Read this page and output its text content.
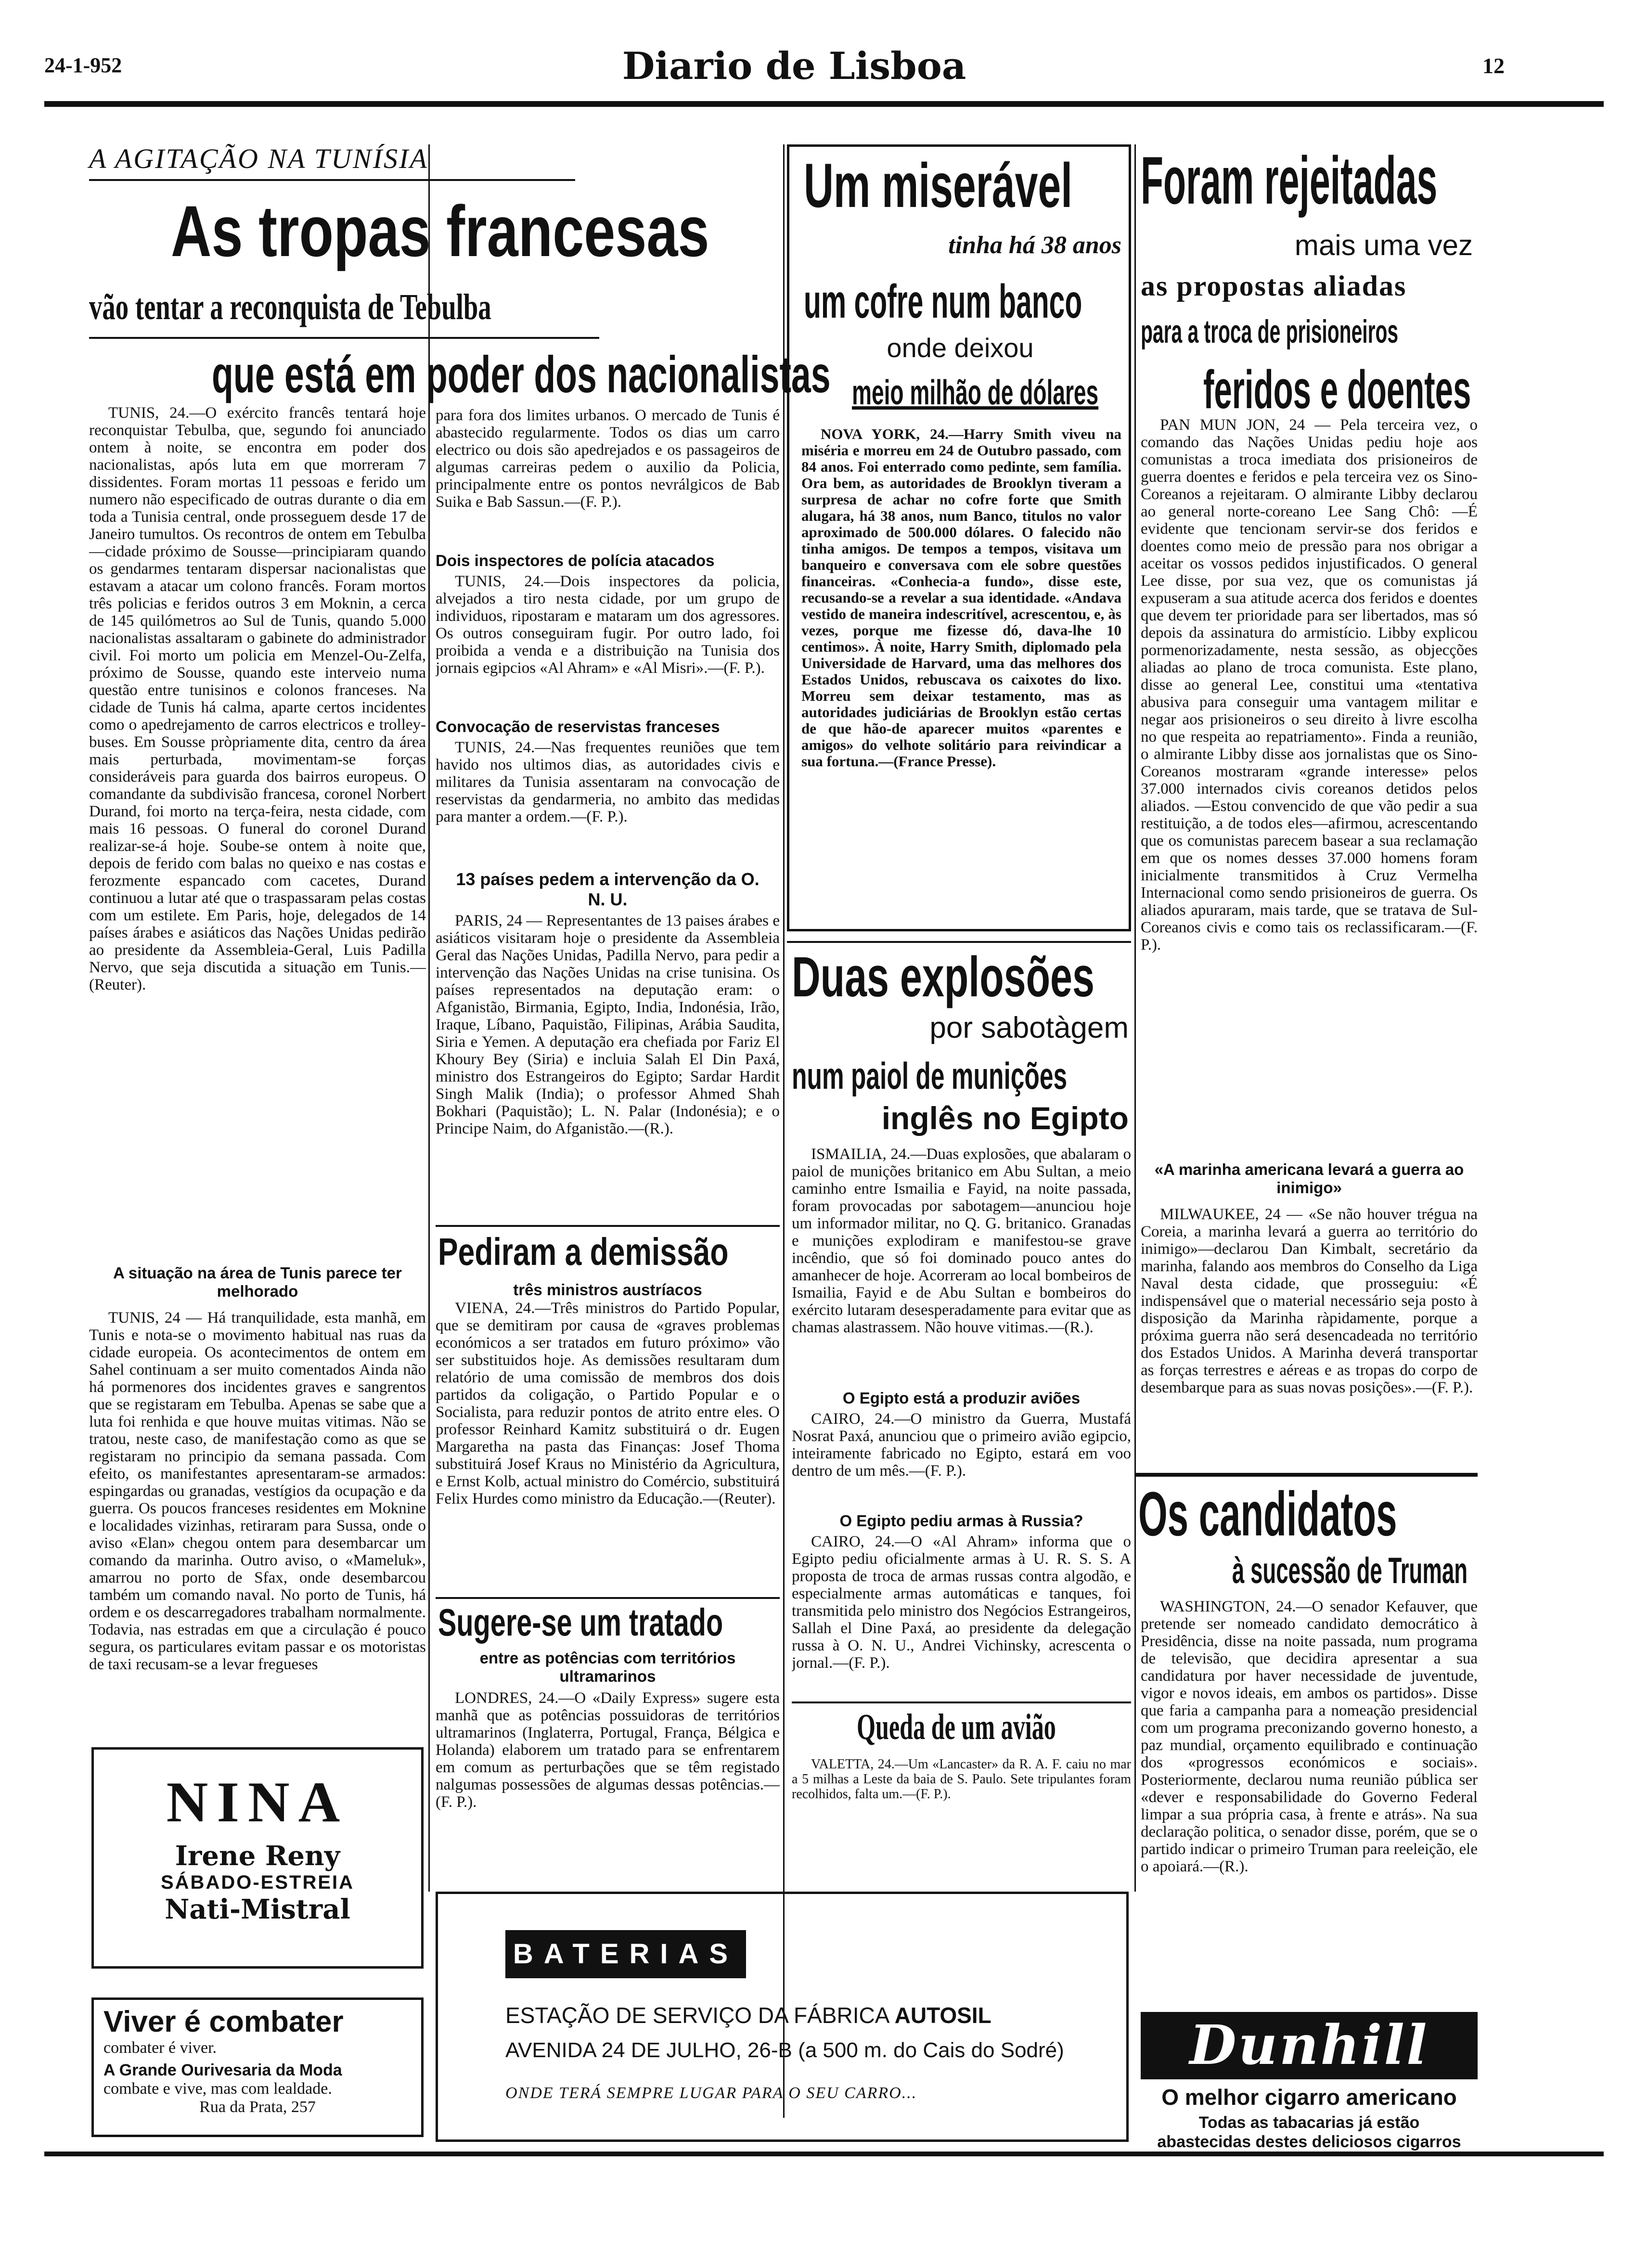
24-1-952	Diario de Lisboa	12
A AGITAÇÃO NA TUNÍSIA
As tropas francesas
vão tentar a reconquista de Tebulba
que está em poder dos nacionalistas

TUNIS, 24.—O exército francês tentará hoje reconquistar Tebulba, que, segundo foi anunciado ontem à noite, se encontra em poder dos nacionalistas, após luta em que morreram 7 dissidentes. Foram mortas 11 pessoas e ferido um numero não especificado de outras durante o dia em toda a Tunisia central, onde prosseguem desde 17 de Janeiro tumultos. Os recontros de ontem em Tebulba —cidade próximo de Sousse—principiaram quando os gendarmes tentaram dispersar nacionalistas que estavam a atacar um colono francês. Foram mortos três policias e feridos outros 3 em Moknin, a cerca de 145 quilómetros ao Sul de Tunis, quando 5.000 nacionalistas assaltaram o gabinete do administrador civil. Foi morto um policia em Menzel-Ou-Zelfa, próximo de Sousse, quando este interveio numa questão entre tunisinos e colonos franceses. Na cidade de Tunis há calma, aparte certos incidentes como o apedrejamento de carros electricos e trolley-buses. Em Sousse pròpriamente dita, centro da área mais perturbada, movimentam-se forças consideráveis para guarda dos bairros europeus. O comandante da subdivisão francesa, coronel Norbert Durand, foi morto na terça-feira, nesta cidade, com mais 16 pessoas. O funeral do coronel Durand realizar-se-á hoje. Soube-se ontem à noite que, depois de ferido com balas no queixo e nas costas e ferozmente espancado com cacetes, Durand continuou a lutar até que o traspassaram pelas costas com um estilete. Em Paris, hoje, delegados de 14 países árabes e asiáticos das Nações Unidas pedirão ao presidente da Assembleia-Geral, Luis Padilla Nervo, que seja discutida a situação em Tunis.—(Reuter).

A situação na área de Tunis parece ter melhorado

TUNIS, 24 — Há tranquilidade, esta manhã, em Tunis e nota-se o movimento habitual nas ruas da cidade europeia. Os acontecimentos de ontem em Sahel continuam a ser muito comentados Ainda não há pormenores dos incidentes graves e sangrentos que se registaram em Tebulba. Apenas se sabe que a luta foi renhida e que houve muitas vitimas. Não se tratou, neste caso, de manifestação como as que se registaram no principio da semana passada. Com efeito, os manifestantes apresentaram-se armados: espingardas ou granadas, vestígios da ocupação e da guerra. Os poucos franceses residentes em Moknine e localidades vizinhas, retiraram para Sussa, onde o aviso «Elan» chegou ontem para desembarcar um comando da marinha. Outro aviso, o «Mameluk», amarrou no porto de Sfax, onde desembarcou também um comando naval. No porto de Tunis, há ordem e os descarregadores trabalham normalmente. Todavia, nas estradas em que a circulação é pouco segura, os particulares evitam passar e os motoristas de taxi recusam-se a levar fregueses

NINA
Irene Reny
SÁBADO-ESTREIA
Nati-Mistral
Viver é combater
combater é viver.
A Grande Ourivesaria da Moda
combate e vive, mas com lealdade.
Rua da Prata, 257

para fora dos limites urbanos. O mercado de Tunis é abastecido regularmente. Todos os dias um carro electrico ou dois são apedrejados e os passageiros de algumas carreiras pedem o auxilio da Policia, principalmente entre os pontos nevrálgicos de Bab Suika e Bab Sassun.—(F. P.).

Dois inspectores de polícia atacados

TUNIS, 24.—Dois inspectores da policia, alvejados a tiro nesta cidade, por um grupo de individuos, ripostaram e mataram um dos agressores. Os outros conseguiram fugir. Por outro lado, foi proibida a venda e a distribuição na Tunisia dos jornais egipcios «Al Ahram» e «Al Misri».—(F. P.).

Convocação de reservistas franceses

TUNIS, 24.—Nas frequentes reuniões que tem havido nos ultimos dias, as autoridades civis e militares da Tunisia assentaram na convocação de reservistas da gendarmeria, no ambito das medidas para manter a ordem.—(F. P.).

13 países pedem a intervenção da O. N. U.

PARIS, 24 — Representantes de 13 paises árabes e asiáticos visitaram hoje o presidente da Assembleia Geral das Nações Unidas, Padilla Nervo, para pedir a intervenção das Nações Unidas na crise tunisina. Os países representados na deputação eram: o Afganistão, Birmania, Egipto, India, Indonésia, Irão, Iraque, Líbano, Paquistão, Filipinas, Arábia Saudita, Siria e Yemen. A deputação era chefiada por Fariz El Khoury Bey (Siria) e incluia Salah El Din Paxá, ministro dos Estrangeiros do Egipto; Sardar Hardit Singh Malik (India); o professor Ahmed Shah Bokhari (Paquistão); L. N. Palar (Indonésia); e o Principe Naim, do Afganistão.—(R.).

Pediram a demissão
três ministros austríacos

VIENA, 24.—Três ministros do Partido Popular, que se demitiram por causa de «graves problemas económicos a ser tratados em futuro próximo» vão ser substituidos hoje. As demissões resultaram dum relatório de uma comissão de membros dos dois partidos da coligação, o Partido Popular e o Socialista, para reduzir pontos de atrito entre eles. O professor Reinhard Kamitz substituirá o dr. Eugen Margaretha na pasta das Finanças: Josef Thoma substituirá Josef Kraus no Ministério da Agricultura, e Ernst Kolb, actual ministro do Comércio, substituirá Felix Hurdes como ministro da Educação.—(Reuter).

Sugere-se um tratado
entre as potências com territórios ultramarinos

LONDRES, 24.—O «Daily Express» sugere esta manhã que as potências possuidoras de territórios ultramarinos (Inglaterra, Portugal, França, Bélgica e Holanda) elaborem um tratado para se enfrentarem em comum as perturbações que se têm registado nalgumas possessões de algumas dessas potências.—(F. P.).

Um miserável
tinha há 38 anos
um cofre num banco
onde deixou
meio milhão de dólares

NOVA YORK, 24.—Harry Smith viveu na miséria e morreu em 24 de Outubro passado, com 84 anos. Foi enterrado como pedinte, sem família. Ora bem, as autoridades de Brooklyn tiveram a surpresa de achar no cofre forte que Smith alugara, há 38 anos, num Banco, titulos no valor aproximado de 500.000 dólares. O falecido não tinha amigos. De tempos a tempos, visitava um banqueiro e conversava com ele sobre questões financeiras. «Conhecia-a fundo», disse este, recusando-se a revelar a sua identidade. «Andava vestido de maneira indescritível, acrescentou, e, às vezes, porque me fizesse dó, dava-lhe 10 centimos». À noite, Harry Smith, diplomado pela Universidade de Harvard, uma das melhores dos Estados Unidos, rebuscava os caixotes do lixo. Morreu sem deixar testamento, mas as autoridades judiciárias de Brooklyn estão certas de que hão-de aparecer muitos «parentes e amigos» do velhote solitário para reivindicar a sua fortuna.—(France Presse).

Duas explosões
por sabotàgem
num paiol de munições
inglês no Egipto

ISMAILIA, 24.—Duas explosões, que abalaram o paiol de munições britanico em Abu Sultan, a meio caminho entre Ismailia e Fayid, na noite passada, foram provocadas por sabotagem—anunciou hoje um informador militar, no Q. G. britanico. Granadas e munições explodiram e manifestou-se grave incêndio, que só foi dominado pouco antes do amanhecer de hoje. Acorreram ao local bombeiros de Ismailia, Fayid e de Abu Sultan e bombeiros do exército lutaram desesperadamente para evitar que as chamas alastrassem. Não houve vitimas.—(R.).

O Egipto está a produzir aviões

CAIRO, 24.—O ministro da Guerra, Mustafá Nosrat Paxá, anunciou que o primeiro avião egipcio, inteiramente fabricado no Egipto, estará em voo dentro de um mês.—(F. P.).

O Egipto pediu armas à Russia?

CAIRO, 24.—O «Al Ahram» informa que o Egipto pediu oficialmente armas à U. R. S. S. A proposta de troca de armas russas contra algodão, e especialmente armas automáticas e tanques, foi transmitida pelo ministro dos Negócios Estrangeiros, Sallah el Dine Paxá, ao presidente da delegação russa à O. N. U., Andrei Vichinsky, acrescenta o jornal.—(F. P.).

Queda de um avião

VALETTA, 24.—Um «Lancaster» da R. A. F. caiu no mar a 5 milhas a Leste da baia de S. Paulo. Sete tripulantes foram recolhidos, falta um.—(F. P.).

Foram rejeitadas
mais uma vez
as propostas aliadas
para a troca de prisioneiros
feridos e doentes

PAN MUN JON, 24 — Pela terceira vez, o comando das Nações Unidas pediu hoje aos comunistas a troca imediata dos prisioneiros de guerra doentes e feridos e pela terceira vez os Sino-Coreanos a rejeitaram. O almirante Libby declarou ao general norte-coreano Lee Sang Chô: —É evidente que tencionam servir-se dos feridos e doentes como meio de pressão para nos obrigar a aceitar os vossos pedidos injustificados. O general Lee disse, por sua vez, que os comunistas já expuseram a sua atitude acerca dos feridos e doentes que devem ter prioridade para ser libertados, mas só depois da assinatura do armistício. Libby explicou pormenorizadamente, nesta sessão, as objecções aliadas ao plano de troca comunista. Este plano, disse ao general Lee, constitui uma «tentativa abusiva para conseguir uma vantagem militar e negar aos prisioneiros o seu direito à livre escolha no que respeita ao repatriamento». Finda a reunião, o almirante Libby disse aos jornalistas que os Sino-Coreanos mostraram «grande interesse» pelos 37.000 internados civis coreanos detidos pelos aliados. —Estou convencido de que vão pedir a sua restituição, a de todos eles—afirmou, acrescentando que os comunistas parecem basear a sua reclamação em que os nomes desses 37.000 homens foram inicialmente transmitidos à Cruz Vermelha Internacional como sendo prisioneiros de guerra. Os aliados apuraram, mais tarde, que se tratava de Sul-Coreanos civis e como tais os reclassificaram.—(F. P.).

«A marinha americana levará a guerra ao inimigo»

MILWAUKEE, 24 — «Se não houver trégua na Coreia, a marinha levará a guerra ao território do inimigo»—declarou Dan Kimbalt, secretário da marinha, falando aos membros do Conselho da Liga Naval desta cidade, que prosseguiu: «É indispensável que o material necessário seja posto à disposição da Marinha ràpidamente, porque a próxima guerra não será desencadeada no território dos Estados Unidos. A Marinha deverá transportar as forças terrestres e aéreas e as tropas do corpo de desembarque para as suas novas posições».—(F. P.).

Os candidatos
à sucessão de Truman

WASHINGTON, 24.—O senador Kefauver, que pretende ser nomeado candidato democrático à Presidência, disse na noite passada, num programa de televisão, que decidira apresentar a sua candidatura por haver necessidade de juventude, vigor e novos ideais, em ambos os partidos». Disse que faria a campanha para a nomeação presidencial com um programa preconizando governo honesto, a paz mundial, orçamento equilibrado e continuação dos «progressos económicos e sociais». Posteriormente, declarou numa reunião pública ser «dever e responsabilidade do Governo Federal limpar a sua própria casa, à frente e atrás». Na sua declaração politica, o senador disse, porém, que se o partido indicar o primeiro Truman para reeleição, ele o apoiará.—(R.).

Dunhill
O melhor cigarro americano
Todas as tabacarias já estão abastecidas destes deliciosos cigarros
BATERIAS
ESTAÇÃO DE SERVIÇO DA FÁBRICA AUTOSIL
AVENIDA 24 DE JULHO, 26-B (a 500 m. do Cais do Sodré)
ONDE TERÁ SEMPRE LUGAR PARA O SEU CARRO...
